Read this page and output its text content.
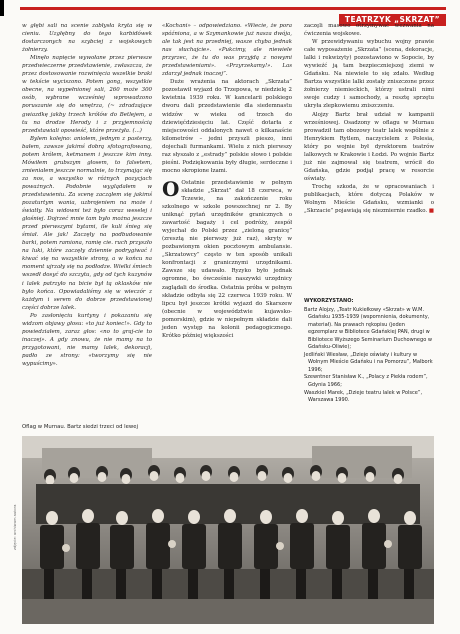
TEATRZYK „SKRZAT”

w głębi sali na scenie zabłysła kryta się w cieniu. Uzgłębny do tego karbidówek dostarczonych na szybciej z wojskowych żołnierzy.

Minęło napięcie wywołane przez pierwsze przedwieczerne przedstawienie, zwłaszcza, że przez dostosowanie rozwinięcia wszelkie braki w tekście wyciszono. Potem gong, wszystkie obecne, na wypełnionej sali, 260 może 300 osób, wybrane wcześniej wprowadzono poruszanie się do wnętrza, (~ zdradzające gwiazdkę jakby trzech królów do Betlejem, a tu na drodze Herody i z przyjemnością przedstawiali opowieść, które przeżyła. (...)

Bylem kolejno: aniołem, jednym z pasterzy, bałem, zawsze jakimś dobrą sfotografowaną, potem królem, ketmanem i jeszcze kim inny. Mówiłem grubszym głosem, to falsetem, zmieniałem jeszcze normalnie, to trzymając się za nos, a wszystko w różnych pozycjach poważnych. Podobnie wyglądałem w przedstawieniu. Za scenę zacząłem się jakimś pozaturtym wania, uzbrojeniem na może i światły. Na widowni też było coraz weselej i głośniej. Dojrzeć mnie tam było można jeszcze przed pierwszymi bytami, ile kuli śnieg się śmiał. Ale jak! Zaczęły na podbudowanie barki, potem ramiona, ramię cie. ruch przyszło na luki, które zaczęły dziennie podrygiwać i kiwać się na wszystkie strony, a w końcu na moment ujrzały się na podłodze. Wielki śmiech wszedł dosyć do szczytu, gdy od tych kuzynów i lalek patrzyło na bicie był tą oklasków nie było końca. Opowiadaliśmy się w wieczór z każdym i serem do dobrze przedstawionej części dobrze lalek.

Po zasłonięciu kurtyny i pokazaniu się widzom objawy głosu: «to już koniec!». Gdy to powiedziałem, zaraz głos: «no to graj-cie to inaczej». A gdy znowu, że nie mamy na to przygotowani, nie mamy lalek, dekoracji, padło ze strony: «tworzymy się nie wypuścimy».

«Kochani» – odpowiedziano. «Wiecie, że pora spóźniona, a w Szymankowie już nasza dwója, ale tak jest na przedniej, wasze chyba jednak nas słuchajcie». «Pukcimy, ale niewiele przyrzec, że tu do was przyjdą z nowymi przedstawieniami». «Przyrzekamy!». Las zdarzył jednak inaczej”.

Duże wrażenia na aktorach „Skrzata” pozostawił wyjazd do Trzepowa, w niedzielę 2 kwietnia 1939 roku. W kancelarii polskiego dworu dali przedstawienie dla siedemnastu widzów w wieku od trzech do dziewięćdziesięciu lat. Część dotarła z miejscowości oddalonych nawet o kilkanaście kilometrów – jedni przyszli pieszo, inni dojechali furmankami. Wielu z nich pierwszy raz słyszało z „estrady” polskie słowo i polskie pieśni. Podziękowania były długie, serdeczne i mocno skropione łzami.

O Ostatnie przedstawienie w pełnym składzie „Skrzat” dał 18 czerwca, w Tczewie, na zakończenie roku szkolnego w szkole powszechnej nr 2. By uniknąć pytań urzędników granicznych o zawartość bagaży i cel podróży, zespół wyjechał do Polski przez „zieloną granicę” (zresztą nie pierwszy już raz), skryty w pozbawionym okien pocztowym ambulansie. „Skrzatowcy” często w ten sposób unikali konfrontacji z granicznymi urzędnikami. Zawsze się udawało. Ryzyko było jednak ogromne, bo ówcześnie naszywki urzędnicy zaglądali do środka. Ostatnia próba w pełnym składzie odbyła się 22 czerwca 1939 roku. W lipcu był jeszcze krótki wyjazd do Skarszew (obecnie w województwie kujawsko-pomorskim), gdzie w niepełnym składzie dali jeden występ na kolonii pedagogicznego. Krótko później większości

zaczęli masowo otrzymywać wezwania na ćwiczenia wojskowe.

W przewidywaniu wybuchu wojny prawie całe wyposażenie „Skrzata” (scena, dekoracje, lalki i rekwizyty) pozostawiono w Sopocie, by wywieźć ją tam bezpieczniejszej ziemi w Gdańsku. Na niewiele to się zdało. Według Bartza wszystkie lalki zostały zniszczone przez żołnierzy niemieckich, którzy ustrali nimi swoje cudzy i samochody, a resztę sprzętu ukryła zlepkowiemu zniszczeniu.

Alojzy Bartz brał udział w kampanii wrześniowej. Osadzony w oflagu w Murnau prowadził tam obozowy teatr lalek wspólnie z Henrykiem Rytlem, naczycielem z Polesia, który po wojnie był dyrektorem teatrów lalkowych w Krakowie i Łodzi. Po wojnie Bartz już nie zajmował się teatrem, wrócił do Gdańska, gdzie podjął pracę w resorcie oświaty.

Trochę szkoda, że w opracowaniach i publikacjach, które dotyczą Polaków w Wolnym Mieście Gdańsku, wzmianki o „Skrzacie” pojawiają się niezmiernie rzadko. ■

WYKORZYSTANO:

Bartz Alojzy, „Teatr Kukiełkowy «Skrzat» w W.M. Gdańsku 1935-1939 (wspomnienia, dokumenty, materiał). Na prawach rękopisu (jeden egzemplarz w Bibliotece Gdańskiej PAN, drugi w Bibliotece Wyższego Seminarium Duchownego w Gdańsku-Oliwie);

Jedliński Wiesław, „Dzieje oświaty i kultury w Wolnym Mieście Gdańsku i na Pomorzu”, Malbork 1996;

Szewntner Stanisław K., „Polacy z Piekła rodem”, Gdynia 1966;

Waszkiel Marek, „Dzieje teatru lalek w Polsce”, Warszawa 1990.

Oflag w Murnau. Bartz siedzi trzeci od lewej
zdjęcie: archiwum autora
